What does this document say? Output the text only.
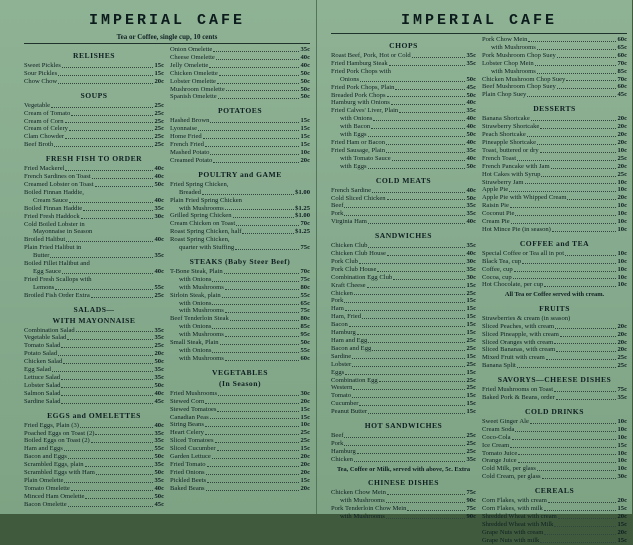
IMPERIAL CAFE
Tea or Coffee, single cup, 10 cents
RELISHES
Sweet Pickles	15c
Sour Pickles	15c
Chow Chow	20c
SOUPS
Vegetable	25c
Cream of Tomato	25c
Cream of Corn	25c
Cream of Celery	25c
Clam Chowder	25c
Beef Broth	25c
FRESH FISH TO ORDER
Fried Mackerel	40c
French Sardines on Toast	40c
Creamed Lobster on Toast	50c
Boiled Finnan Haddie,
Cream Sauce	40c
Boiled Finnan Haddie	35c
Fried Fresh Haddock	30c
Cold Boiled Lobster in
Mayonnaise in Season
Broiled Halibut	40c
Plain Fried Halibut in
Butter	35c
Boiled Fillet Halibut and
Egg Sauce	40c
Fried Fresh Scallops with
Lemons	55c
Broiled Fish Order Extra	25c
SALADS—
WITH MAYONNAISE
Combination Salad	35c
Vegetable Salad	35c
Tomato Salad	25c
Potato Salad	20c
Chicken Salad	50c
Egg Salad	35c
Lettuce Salad	35c
Lobster Salad	50c
Salmon Salad	40c
Sardine Salad	45c
EGGS and OMELETTES
Fried Eggs, Plain (3)	40c
Poached Eggs on Toast (2)	35c
Boiled Eggs on Toast (2)	35c
Ham and Eggs	55c
Bacon and Eggs	50c
Scrambled Eggs, plain	35c
Scrambled Eggs with Ham	50c
Plain Omelette	35c
Tomato Omelette	40c
Minced Ham Omelette	50c
Bacon Omelette	45c
Onion Omelette	35c
Cheese Omelette	40c
Jelly Omelette	40c
Chicken Omelette	50c
Lobster Omelette	50c
Mushroom Omelette	50c
Spanish Omelette	50c
POTATOES
Hashed Brown	15c
Lyonnaise	15c
Home Fried	15c
French Fried	15c
Mashed Potato	10c
Creamed Potato	20c
POULTRY and GAME
Fried Spring Chicken,
Breaded	$1.00
Plain Fried Spring Chicken
with Mushrooms	$1.25
Grilled Spring Chicken	$1.00
Cream Chicken on Toast	70c
Roast Spring Chicken, half	$1.25
Roast Spring Chicken,
quarter with Stuffing	75c
STEAKS (Baby Steer Beef)
T-Bone Steak, Plain	70c
with Onions	75c
with Mushrooms	80c
Sirloin Steak, plain	55c
with Onions	65c
with Mushrooms	75c
Beef Tenderloin Steak	80c
with Onions	85c
with Mushrooms	95c
Small Steak, Plain	50c
with Onions	55c
with Mushrooms	60c
VEGETABLES
(In Season)
Fried Mushrooms	30c
Stewed Corn	20c
Stewed Tomatoes	15c
Canadian Peas	15c
String Beans	10c
Heart Celery	25c
Sliced Tomatoes	25c
Sliced Cucumber	15c
Garden Lettuce	20c
Fried Tomato	20c
Fried Onions	20c
Pickled Beets	15c
Baked Beans	20c
IMPERIAL CAFE
CHOPS
Roast Beef, Pork, Hot or Cold	35c
Fried Hamburg Steak	35c
Fried Pork Chops with
Onions	50c
Fried Pork Chops, Plain	45c
Breaded Pork Chops	50c
Hamburg with Onions	40c
Fried Calves' Liver, Plain	35c
with Onions	40c
with Bacon	40c
with Eggs	50c
Fried Ham or Bacon	40c
Fried Sausage, Plain	35c
with Tomato Sauce	40c
with Eggs	50c
COLD MEATS
French Sardine	40c
Cold Sliced Chicken	50c
Beef	35c
Pork	35c
Virginia Ham	40c
SANDWICHES
Chicken Club	35c
Chicken Club House	40c
Pork Club	30c
Pork Club House	35c
Combination Egg Club	30c
Kraft Cheese	15c
Chicken	25c
Pork	15c
Ham	15c
Ham, Fried	15c
Bacon	15c
Hamburg	15c
Ham and Egg	25c
Bacon and Egg	25c
Sardine	15c
Lobster	25c
Eggs	15c
Combination Egg	25c
Western	25c
Tomato	15c
Cucumber	15c
Peanut Butter	15c
HOT SANDWICHES
Beef	25c
Pork	25c
Hamburg	25c
Chicken	35c
Tea, Coffee or Milk, served with above, 5c. Extra
CHINESE DISHES
Chicken Chow Mein	75c
with Mushrooms	90c
Pork Tenderloin Chow Mein	75c
with Mushrooms	90c
Pork Chow Mein	60c
with Mushrooms	65c
Pork Mushroom Chop Suey	60c
Lobster Chop Mein	70c
with Mushrooms	85c
Chicken Mushroom Chop Suey	70c
Beef Mushroom Chop Suey	60c
Plain Chop Suey	45c
DESSERTS
Banana Shortcake	20c
Strawberry Shortcake	20c
Peach Shortcake	20c
Pineapple Shortcake	20c
Toast, buttered or dry	10c
French Toast	25c
French Pancake with Jam	20c
Hot Cakes with Syrup	25c
Strawberry Jam	10c
Apple Pie	10c
Apple Pie with Whipped Cream	20c
Raisin Pie	10c
Coconut Pie	10c
Cream Pie	10c
Hot Mince Pie (in season)	10c
COFFEE and TEA
Special Coffee or Tea all in pot	10c
Black Tea, cup	10c
Coffee, cup	10c
Cocoa, cup	10c
Hot Chocolate, per cup	10c
All Tea or Coffee served with cream.
FRUITS
Strawberries & cream (in season)
Sliced Peaches, with cream	20c
Sliced Pineapple, with cream	20c
Sliced Oranges with cream	20c
Sliced Bananas, with cream	20c
Mixed Fruit with cream	25c
Banana Split	25c
SAVORYS—CHEESE DISHES
Fried Mushrooms on Toast	75c
Baked Pork & Beans, order	35c
COLD DRINKS
Sweet Ginger Ale	10c
Cream Soda	10c
Coco-Cola	10c
Ice Cream	15c
Tomato Juice	10c
Orange Juice	10c
Cold Milk, per glass	10c
Cold Cream, per glass	30c
CEREALS
Corn Flakes, with cream	20c
Corn Flakes, with milk	15c
Shredded Wheat with cream	20c
Shredded Wheat with Milk	15c
Grape Nuts with cream	20c
Grape Nuts with milk	15c
